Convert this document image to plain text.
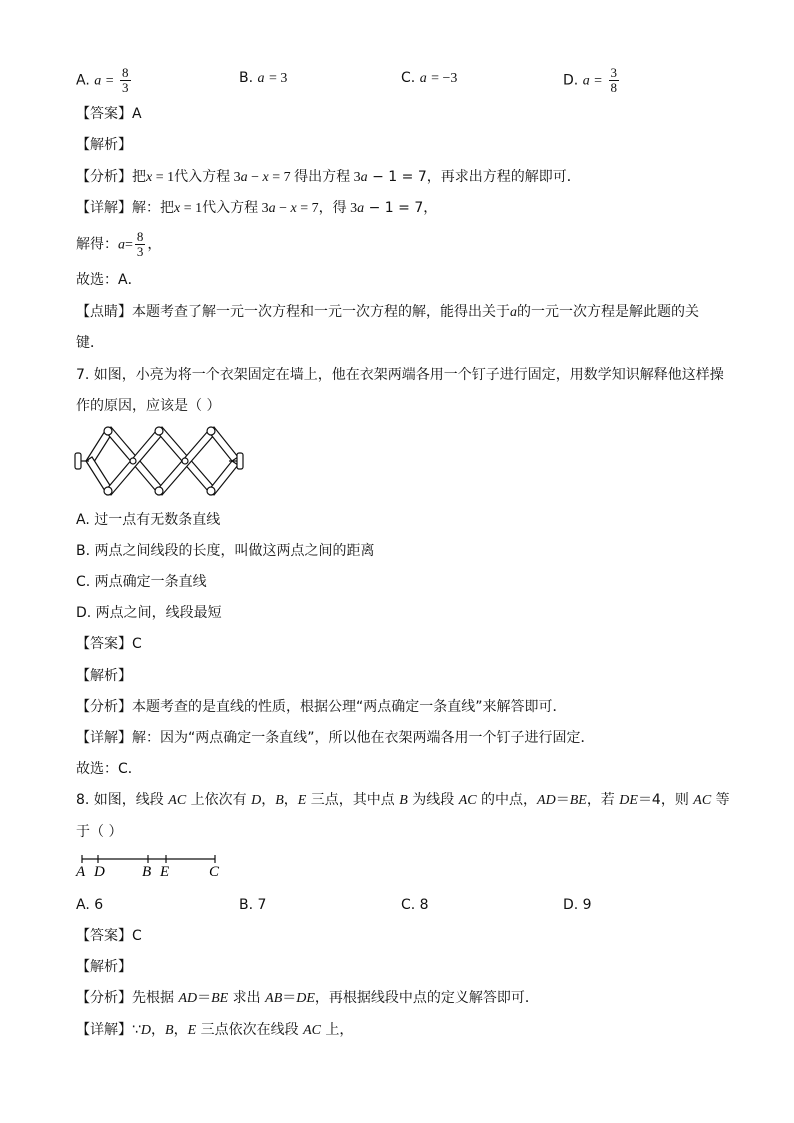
A. $a = \frac{8}{3}$	B. a = 3	C. a = −3	D. $a = \frac{3}{8}$
【答案】A
【解析】
【分析】把x = 1代入方程 3a − x = 7 得出方程 3a − 1 = 7，再求出方程的解即可．
【详解】解：把x = 1代入方程 3a − x = 7，得 3a − 1 = 7，
解得：$a= \frac{8}{3}$ ，
故选：A．
【点睛】本题考查了解一元一次方程和一元一次方程的解，能得出关于a的一元一次方程是解此题的关
键．
7. 如图，小亮为将一个衣架固定在墙上，他在衣架两端各用一个钉子进行固定，用数学知识解释他这样操
作的原因，应该是（ ）
A. 过一点有无数条直线
B. 两点之间线段的长度，叫做这两点之间的距离
C. 两点确定一条直线
D. 两点之间，线段最短
【答案】C
【解析】
【分析】本题考查的是直线的性质，根据公理“两点确定一条直线”来解答即可．
【详解】解：因为“两点确定一条直线”，所以他在衣架两端各用一个钉子进行固定．
故选：C．
8. 如图，线段 AC 上依次有 D，B，E 三点，其中点 B 为线段 AC 的中点，AD＝BE，若 DE＝4，则 AC 等
于（ ）
A D B E	C
A. 6	B. 7	C. 8	D. 9
【答案】C
【解析】
【分析】先根据 AD＝BE 求出 AB＝DE，再根据线段中点的定义解答即可．
【详解】∵D，B，E 三点依次在线段 AC 上，
